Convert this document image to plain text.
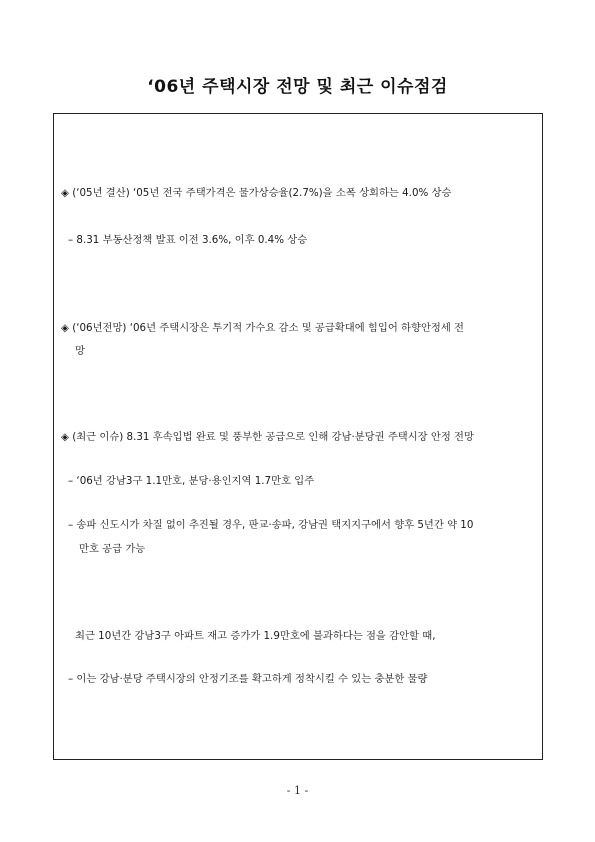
‘06년 주택시장 전망 및 최근 이슈점검
◈ (‘05년 결산) ‘05년 전국 주택가격은 물가상승율(2.7%)을 소폭 상회하는 4.0% 상승
– 8.31 부동산정책 발표 이전 3.6%, 이후 0.4% 상승
◈ (‘06년전망) ‘06년 주택시장은 투기적 가수요 감소 및 공급확대에 힘입어 하향안정세 전
망
◈ (최근 이슈) 8.31 후속입법 완료 및 풍부한 공급으로 인해 강남·분당권 주택시장 안정 전망
– ‘06년 강남3구 1.1만호, 분당·용인지역 1.7만호 입주
– 송파 신도시가 차질 없이 추진될 경우, 판교·송파, 강남권 택지지구에서 향후 5년간 약 10
만호 공급 가능
최근 10년간 강남3구 아파트 재고 증가가 1.9만호에 불과하다는 점을 감안할 때,
– 이는 강남·분당 주택시장의 안정기조를 확고하게 정착시킬 수 있는 충분한 물량
- 1 -
